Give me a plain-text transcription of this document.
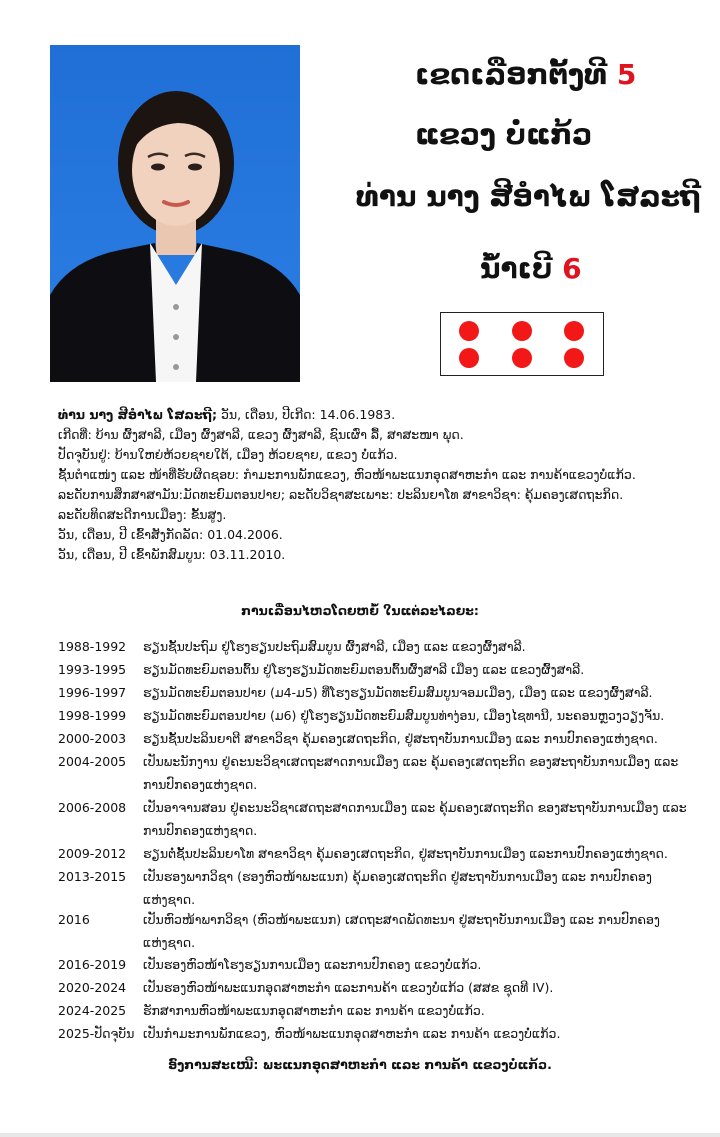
ເຂດເລືອກຕັ້ງທີ 5
ແຂວງ ບໍ່ແກ້ວ
ທ່ານ ນາງ ສີອໍາໄພ ໂສລະຖີ
ນໍ້າເບີ 6
ທ່ານ ນາງ ສີອໍາໄພ ໂສລະຖີ; ວັນ, ເດືອນ, ປີເກີດ: 14.06.1983.
ເກີດທີ່: ບ້ານ ຜົ້ງສາລີ, ເມືອງ ຜົ້ງສາລີ, ແຂວງ ຜົ້ງສາລີ, ຊົນເຜົ່າ ລື້, ສາສະໜາ ພຸດ.
ປັດຈຸບັນຢູ່: ບ້ານໃຫຍ່ຫ້ວຍຊາຍໃຕ້, ເມືອງ ຫ້ວຍຊາຍ, ແຂວງ ບໍ່ແກ້ວ.
ຊັ້ນຕໍາແໜ່ງ ແລະ ໜ້າທີ່ຮັບຜິດຊອບ: ກໍາມະການພັກແຂວງ, ຫົວໜ້າພະແນກອຸດສາຫະກໍາ ແລະ ການຄ້າແຂວງບໍ່ແກ້ວ.
ລະດັບການສຶກສາສາມັນ:ມັດທະຍົມຕອນປາຍ; ລະດັບວິຊາສະເພາະ: ປະລິນຍາໂທ ສາຂາວິຊາ: ຄຸ້ມຄອງເສດຖະກິດ.
ລະດັບທິດສະດີການເມືອງ: ຂັ້ນສູງ.
ວັນ, ເດືອນ, ປີ ເຂົ້າສັງກັດລັດ: 01.04.2006.
ວັນ, ເດືອນ, ປີ ເຂົ້າພັກສົມບູນ: 03.11.2010.
ການເລື່ອນໄຫວໂດຍຫຍໍ້ ໃນແຕ່ລະໄລຍະ:
1988-1992	ຮຽນຊັ້ນປະຖົມ ຢູ່ໂຮງຮຽນປະຖົມສົມບູນ ຜົ້ງສາລີ, ເມືອງ ແລະ ແຂວງຜົ້ງສາລີ.
1993-1995	ຮຽນມັດທະຍົມຕອນຕົ້ນ ຢູ່ໂຮງຮຽນມັດທະຍົມຕອນຕົ້ນຜົ້ງສາລີ ເມືອງ ແລະ ແຂວງຜົ້ງສາລີ.
1996-1997	ຮຽນມັດທະຍົມຕອນປາຍ (ມ4-ມ5) ທີ່ໂຮງຮຽນມັດທະຍົມສົມບູນຈອມເມືອງ, ເມືອງ ແລະ ແຂວງຜົ້ງສາລີ.
1998-1999	ຮຽນມັດທະຍົມຕອນປາຍ (ມ6) ຢູ່ໂຮງຮຽນມັດທະຍົມສົມບູນທ່າງ່ອນ, ເມືອງໄຊທານີ, ນະຄອນຫຼວງວຽງຈັນ.
2000-2003	ຮຽນຊັ້ນປະລິນຍາຕີ ສາຂາວິຊາ ຄຸ້ມຄອງເສດຖະກິດ, ຢູ່ສະຖາບັນການເມືອງ ແລະ ການປົກຄອງແຫ່ງຊາດ.
2004-2005	ເປັນພະນັກງານ ຢູ່ຄະນະວິຊາເສດຖະສາດການເມືອງ ແລະ ຄຸ້ມຄອງເສດຖະກິດ ຂອງສະຖາບັນການເມືອງ ແລະ ການປົກຄອງແຫ່ງຊາດ.
2006-2008	ເປັນອາຈານສອນ ຢູ່ຄະນະວິຊາເສດຖະສາດການເມືອງ ແລະ ຄຸ້ມຄອງເສດຖະກິດ ຂອງສະຖາບັນການເມືອງ ແລະ ການປົກຄອງແຫ່ງຊາດ.
2009-2012	ຮຽນຕໍ່ຊັ້ນປະລິນຍາໂທ ສາຂາວິຊາ ຄຸ້ມຄອງເສດຖະກິດ, ຢູ່ສະຖາບັນການເມືອງ ແລະການປົກຄອງແຫ່ງຊາດ.
2013-2015	ເປັນຮອງພາກວິຊາ (ຮອງຫົວໜ້າພະແນກ) ຄຸ້ມຄອງເສດຖະກິດ ຢູ່ສະຖາບັນການເມືອງ ແລະ ການປົກຄອງແຫ່ງຊາດ.
2016	ເປັນຫົວໜ້າພາກວິຊາ (ຫົວໜ້າພະແນກ) ເສດຖະສາດພັດທະນາ ຢູ່ສະຖາບັນການເມືອງ ແລະ ການປົກຄອງແຫ່ງຊາດ.
2016-2019	ເປັນຮອງຫົວໜ້າໂຮງຮຽນການເມືອງ ແລະການປົກຄອງ ແຂວງບໍ່ແກ້ວ.
2020-2024	ເປັນຮອງຫົວໜ້າພະແນກອຸດສາຫະກໍາ ແລະການຄ້າ ແຂວງບໍ່ແກ້ວ (ສສຂ ຊຸດທີ IV).
2024-2025	ຮັກສາການຫົວໜ້າພະແນກອຸດສາຫະກໍາ ແລະ ການຄ້າ ແຂວງບໍ່ແກ້ວ.
2025-ປັດຈຸບັນ ເປັນກໍາມະການພັກແຂວງ, ຫົວໜ້າພະແນກອຸດສາຫະກໍາ ແລະ ການຄ້າ ແຂວງບໍ່ແກ້ວ.
ອົງການສະເໜີ: ພະແນກອຸດສາຫະກໍາ ແລະ ການຄ້າ ແຂວງບໍ່ແກ້ວ.
